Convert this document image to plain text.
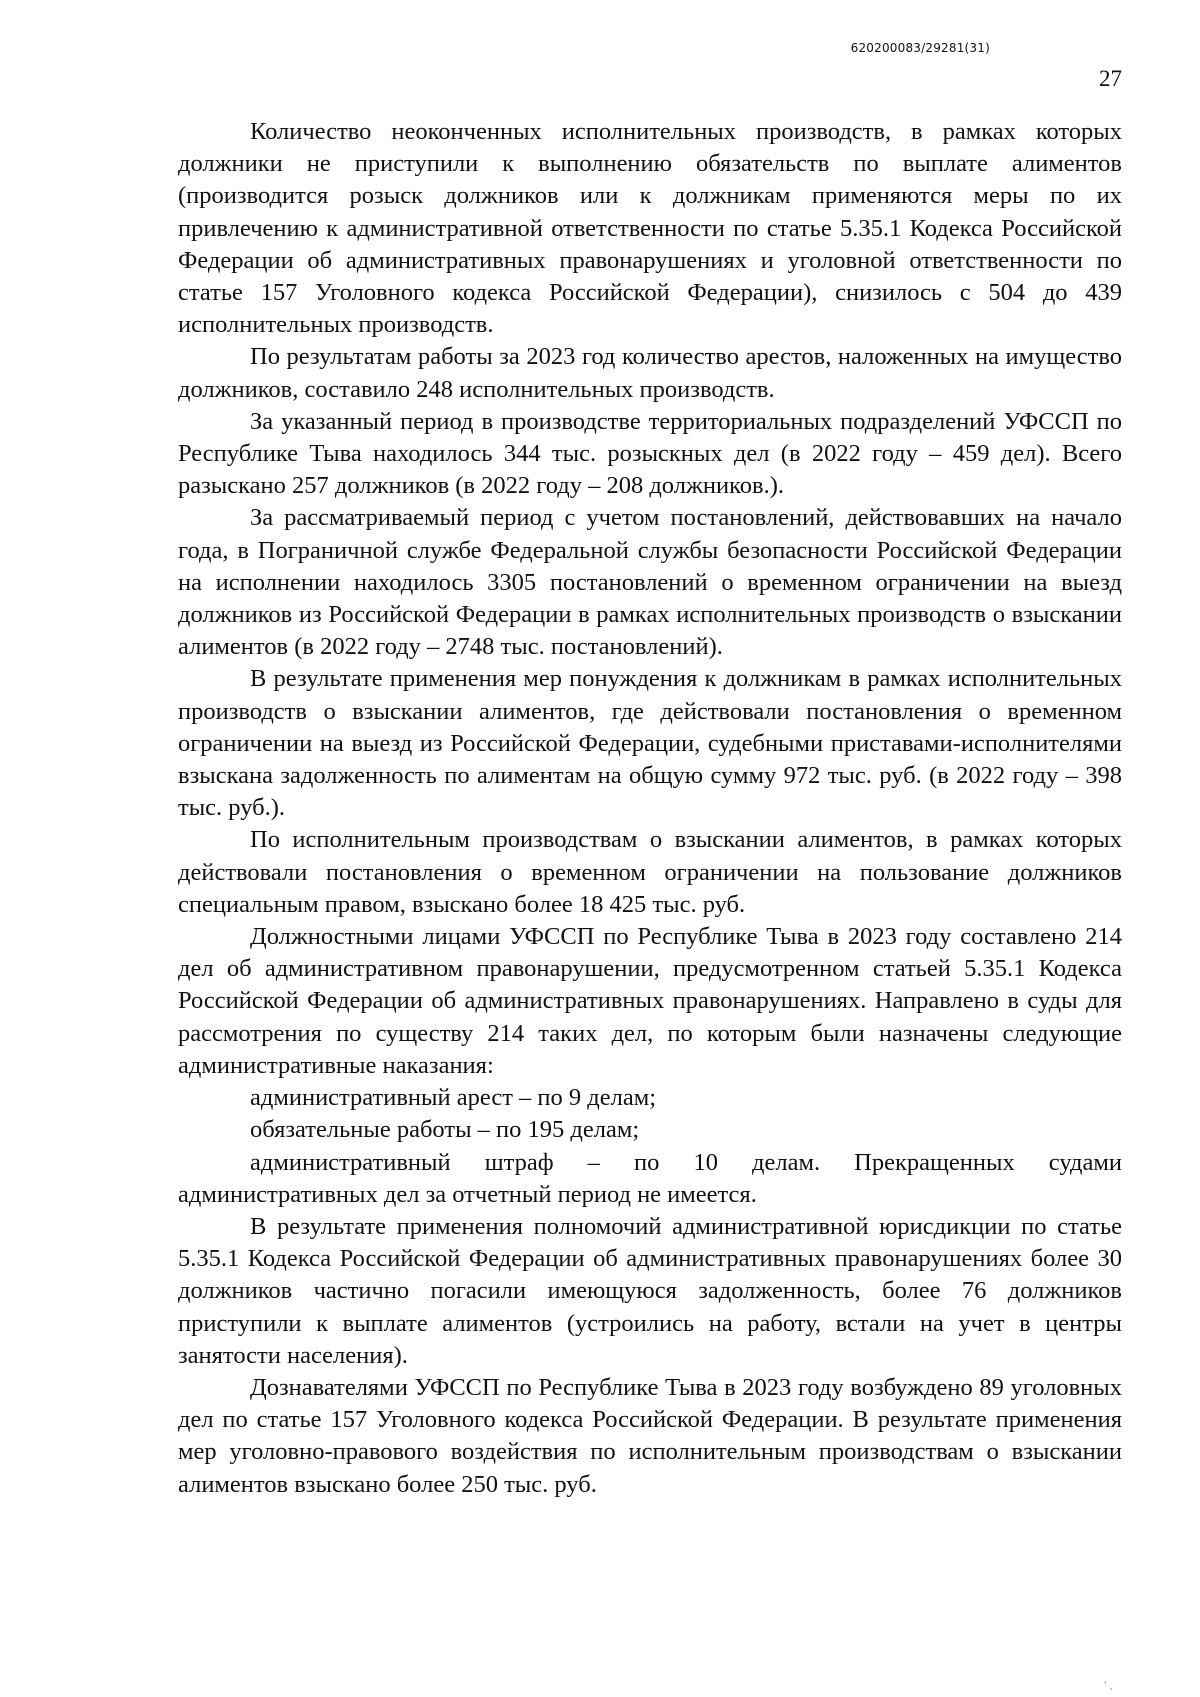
620200083/29281(31)
27

Количество неоконченных исполнительных производств, в рамках которых должники не приступили к выполнению обязательств по выплате алиментов (производится розыск должников или к должникам применяются меры по их привлечению к административной ответственности по статье 5.35.1 Кодекса Российской Федерации об административных правонарушениях и уголовной ответственности по статье 157 Уголовного кодекса Российской Федерации), снизилось с 504 до 439 исполнительных производств.

По результатам работы за 2023 год количество арестов, наложенных на имущество должников, составило 248 исполнительных производств.

За указанный период в производстве территориальных подразделений УФССП по Республике Тыва находилось 344 тыс. розыскных дел (в 2022 году – 459 дел). Всего разыскано 257 должников (в 2022 году – 208 должников.).

За рассматриваемый период с учетом постановлений, действовавших на начало года, в Пограничной службе Федеральной службы безопасности Российской Федерации на исполнении находилось 3305 постановлений о временном ограничении на выезд должников из Российской Федерации в рамках исполнительных производств о взыскании алиментов (в 2022 году – 2748 тыс. постановлений).

В результате применения мер понуждения к должникам в рамках исполнительных производств о взыскании алиментов, где действовали постановления о временном ограничении на выезд из Российской Федерации, судебными приставами-исполнителями взыскана задолженность по алиментам на общую сумму 972 тыс. руб. (в 2022 году – 398 тыс. руб.).

По исполнительным производствам о взыскании алиментов, в рамках которых действовали постановления о временном ограничении на пользование должников специальным правом, взыскано более 18 425 тыс. руб.

Должностными лицами УФССП по Республике Тыва в 2023 году составлено 214 дел об административном правонарушении, предусмотренном статьей 5.35.1 Кодекса Российской Федерации об административных правонарушениях. Направлено в суды для рассмотрения по существу 214 таких дел, по которым были назначены следующие административные наказания:

административный арест – по 9 делам;

обязательные работы – по 195 делам;

административный штраф – по 10 делам. Прекращенных судами административных дел за отчетный период не имеется.

В результате применения полномочий административной юрисдикции по статье 5.35.1 Кодекса Российской Федерации об административных правонарушениях более 30 должников частично погасили имеющуюся задолженность, более 76 должников приступили к выплате алиментов (устроились на работу, встали на учет в центры занятости населения).

Дознавателями УФССП по Республике Тыва в 2023 году возбуждено 89 уголовных дел по статье 157 Уголовного кодекса Российской Федерации. В результате применения мер уголовно-правового воздействия по исполнительным производствам о взыскании алиментов взыскано более 250 тыс. руб.

ʼ ˎ
